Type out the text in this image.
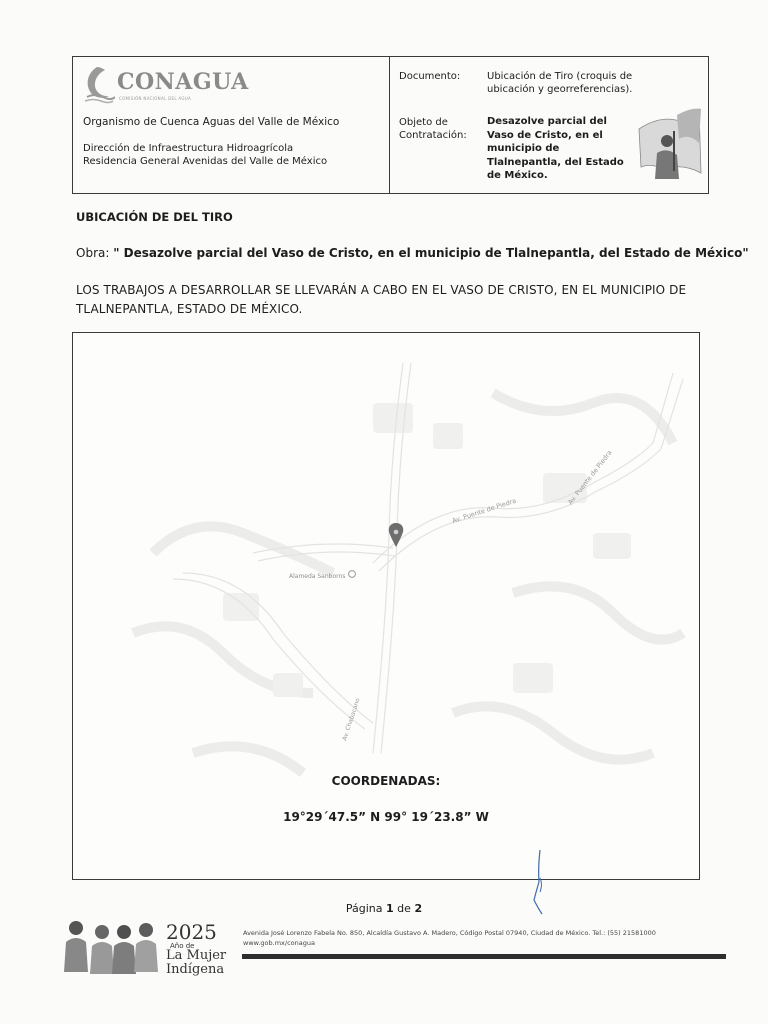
CONAGUA
COMISIÓN NACIONAL DEL AGUA
Organismo de Cuenca Aguas del Valle de México
Dirección de Infraestructura Hidroagrícola
Residencia General Avenidas del Valle de México
Documento:	Ubicación de Tiro (croquis de ubicación y georreferencias).
Objeto de Contratación:
Desazolve parcial del Vaso de Cristo, en el municipio de Tlalnepantla, del Estado de México.
UBICACIÓN DE DEL TIRO
Obra: " Desazolve parcial del Vaso de Cristo, en el municipio de Tlalnepantla, del Estado de México"
LOS TRABAJOS A DESARROLLAR SE LLEVARÁN A CABO EN EL VASO DE CRISTO, EN EL MUNICIPIO DE TLALNEPANTLA, ESTADO DE MÉXICO.
Av. Puente de Piedra
Av. Puente de Piedra
Av. Chabacano
Alameda Sanborns
COORDENADAS:
19°29´47.5” N 99° 19´23.8” W
Página 1 de 2
2025
Año de
La Mujer
Indígena
Avenida José Lorenzo Fabela No. 850, Alcaldía Gustavo A. Madero, Código Postal 07940, Ciudad de México. Tel.: (55) 21581000
www.gob.mx/conagua
